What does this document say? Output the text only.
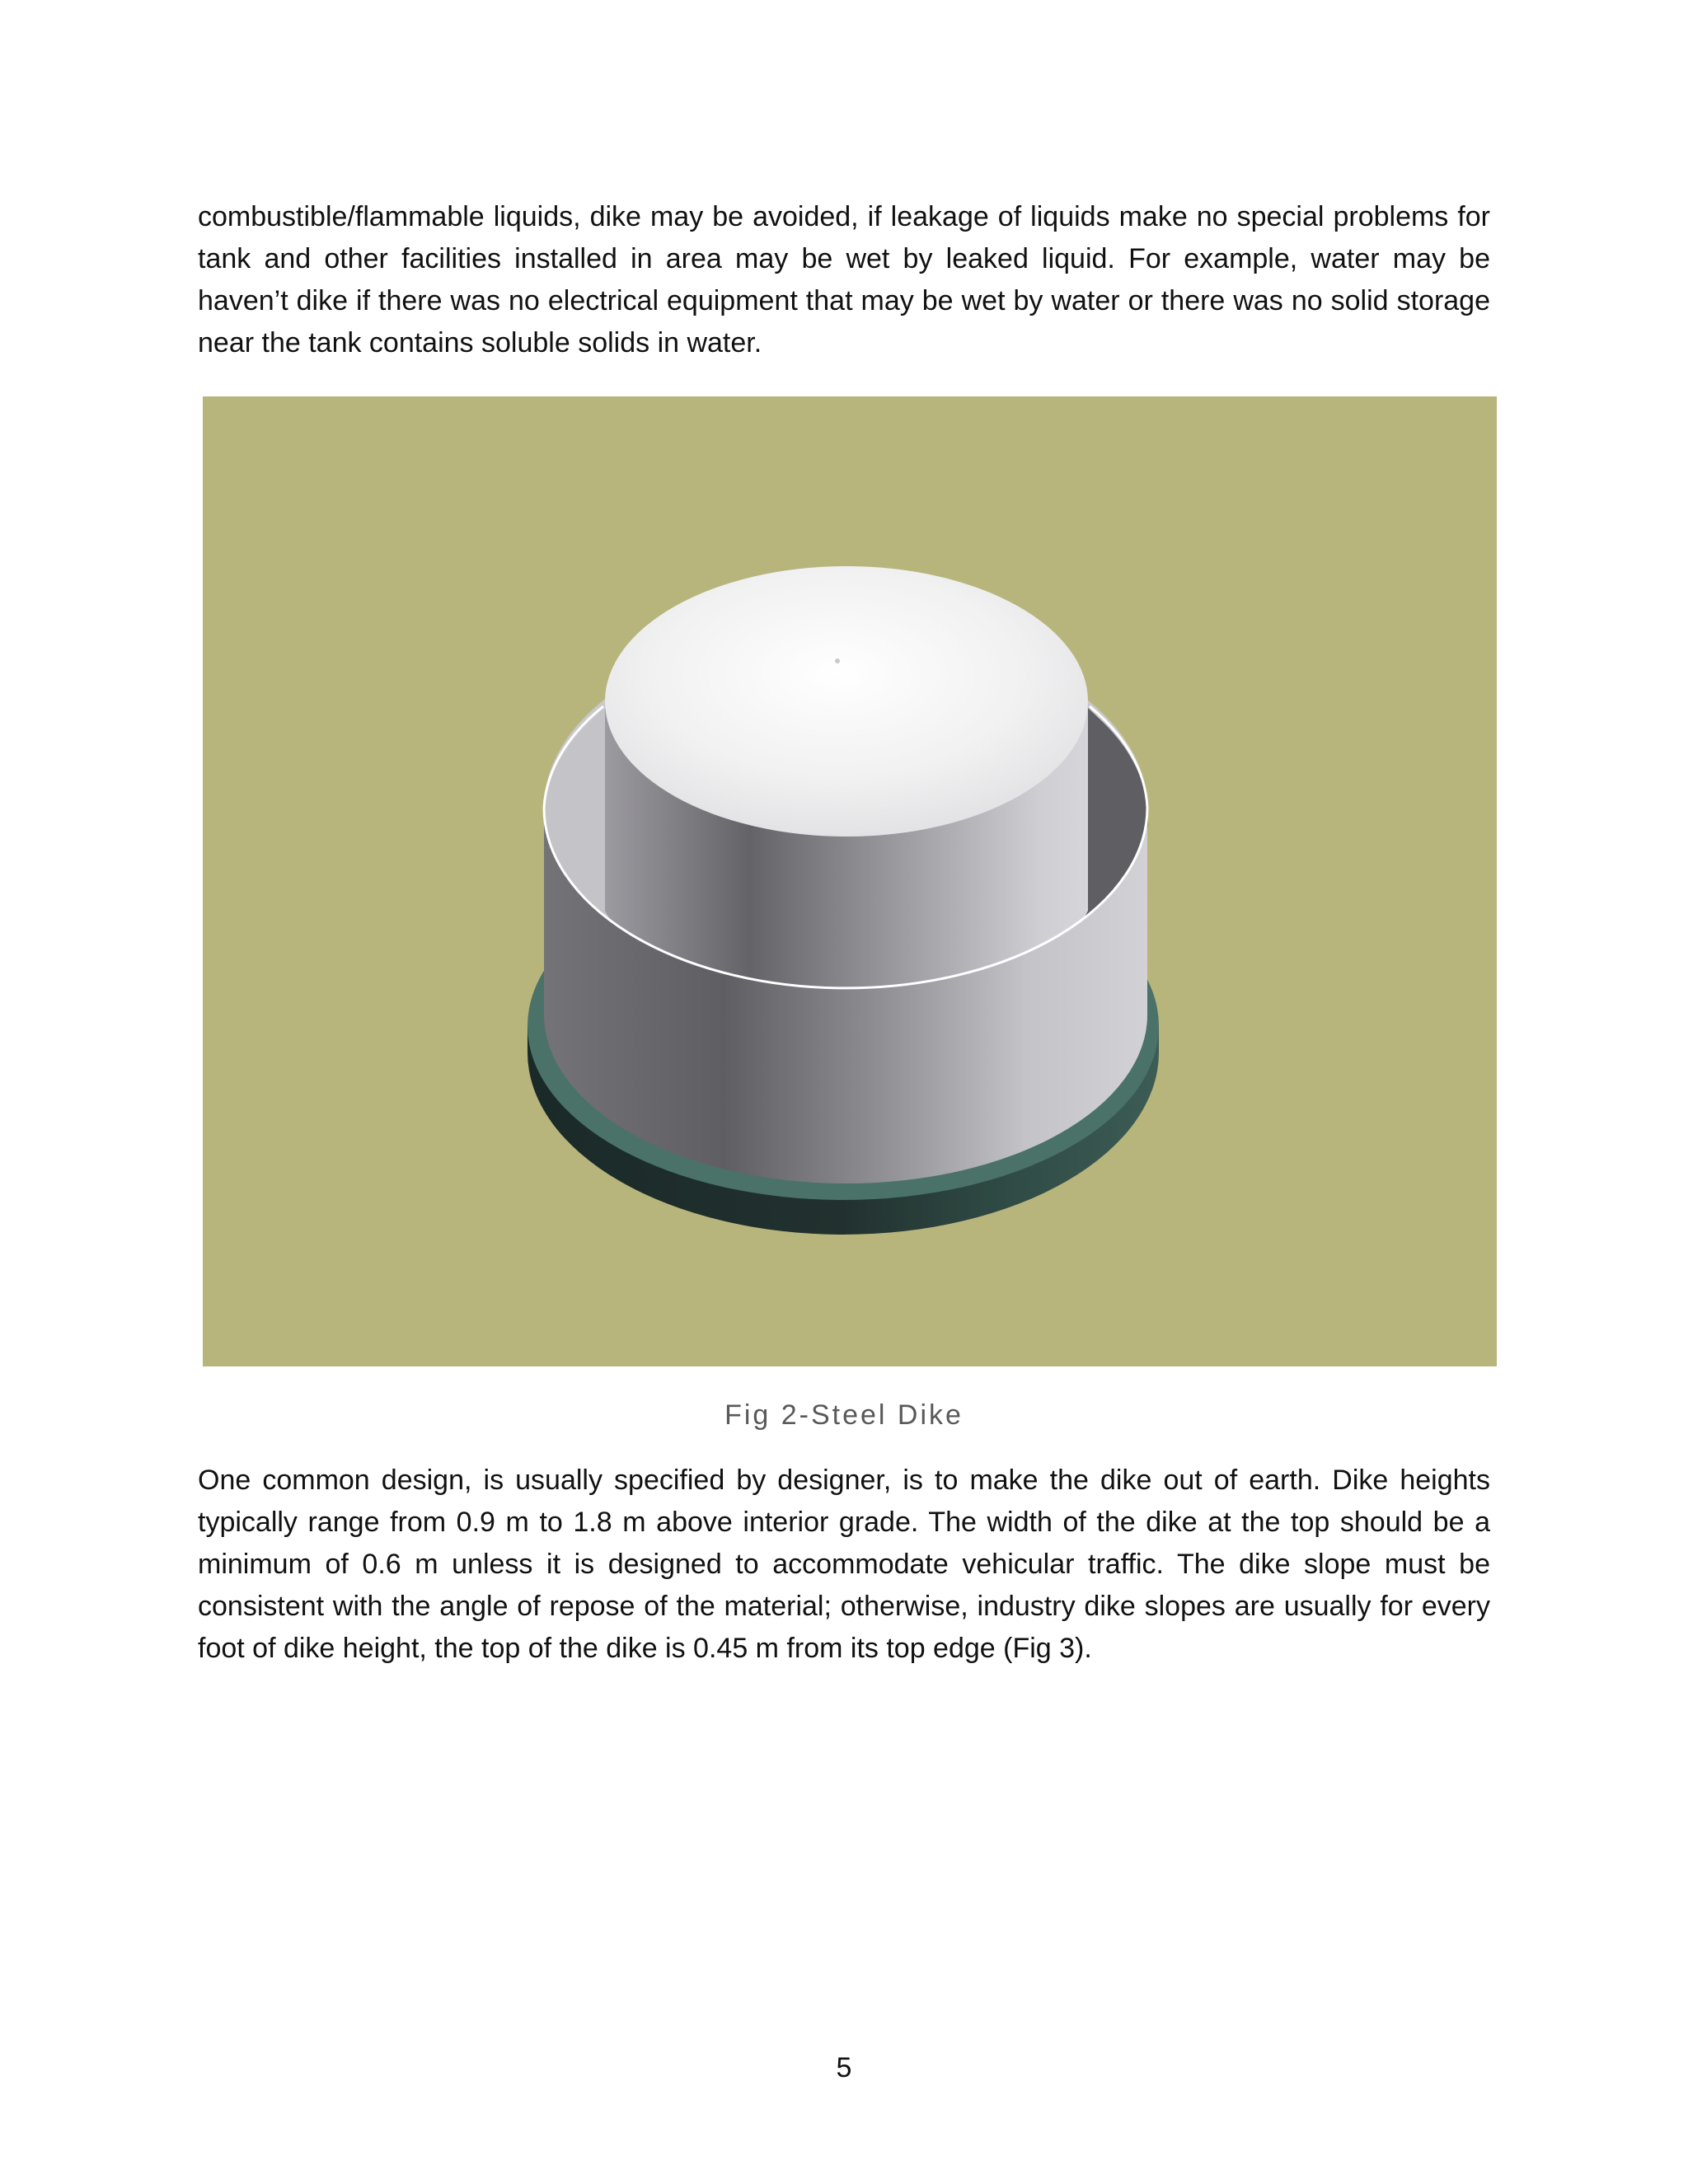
combustible/flammable liquids, dike may be avoided, if leakage of liquids make no special problems for tank and other facilities installed in area may be wet by leaked liquid. For example, water may be haven’t dike if there was no electrical equipment that may be wet by water or there was no solid storage near the tank contains soluble solids in water.

Fig 2-Steel Dike

One common design, is usually specified by designer, is to make the dike out of earth. Dike heights typically range from 0.9 m to 1.8 m above interior grade. The width of the dike at the top should be a minimum of 0.6 m unless it is designed to accommodate vehicular traffic. The dike slope must be consistent with the angle of repose of the material; otherwise, industry dike slopes are usually for every foot of dike height, the top of the dike is 0.45 m from its top edge (Fig 3).

5
